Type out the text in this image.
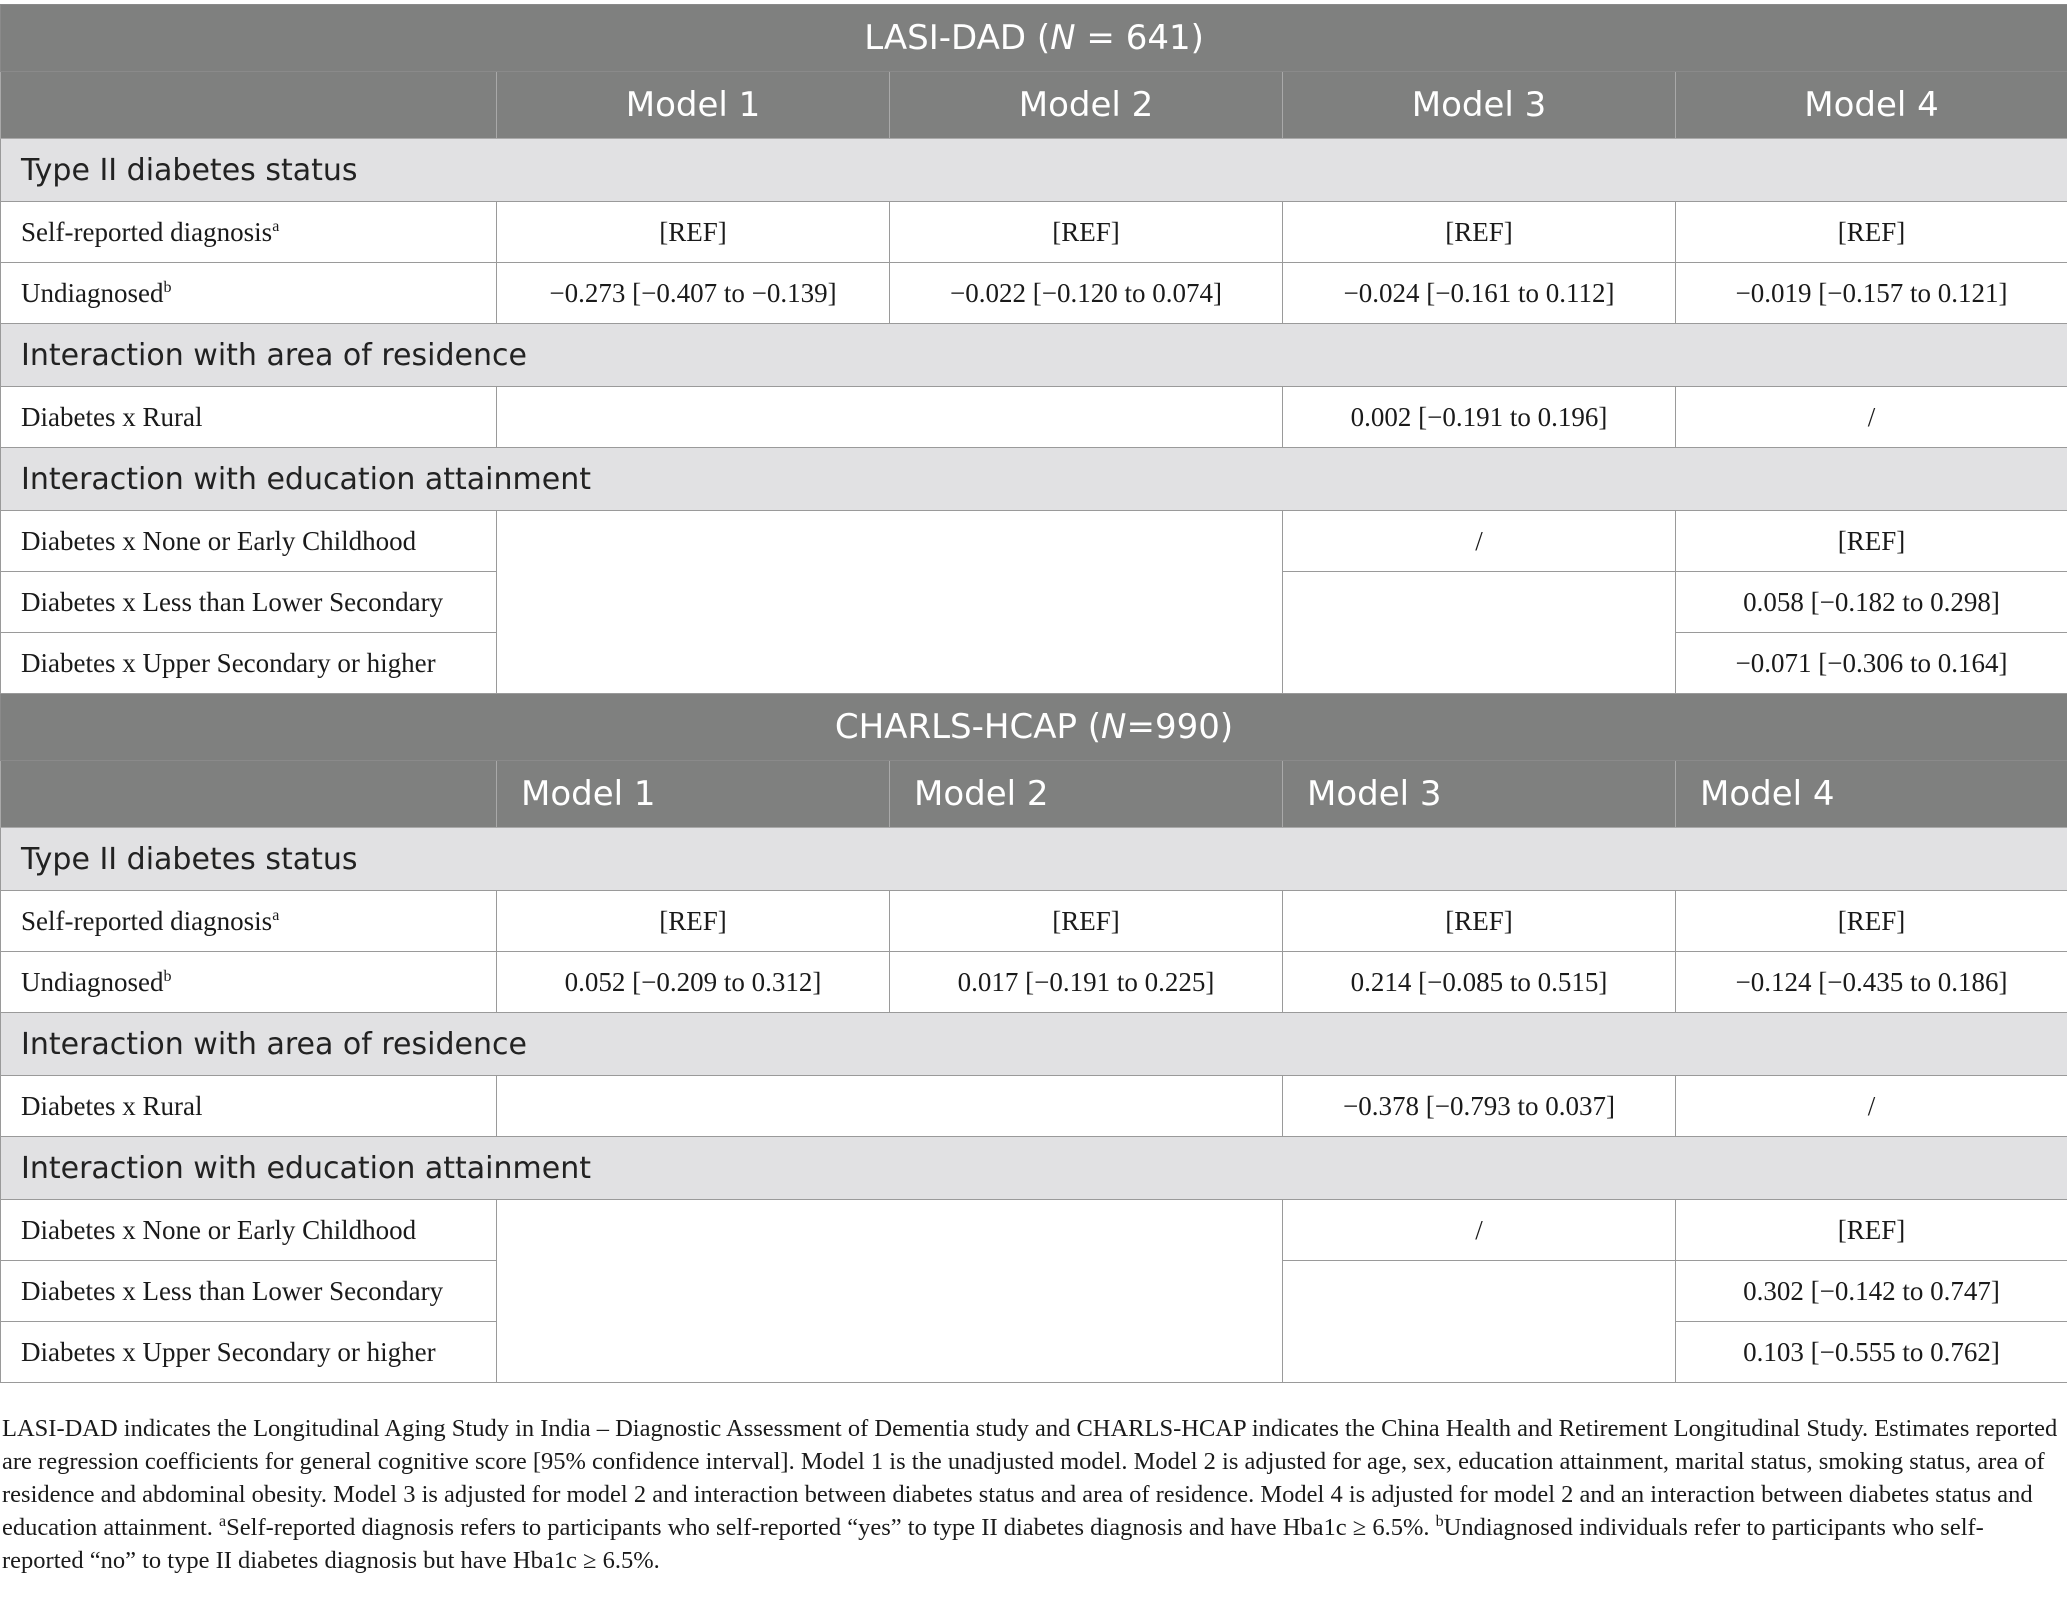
LASI-DAD (N = 641)				
	Model 1	Model 2	Model 3	Model 4
Type II diabetes status				
Self-reported diagnosis$^a$	[REF]	[REF]	[REF]	[REF]
Undiagnosed$^b$	−0.273 [−0.407 to −0.139]	−0.022 [−0.120 to 0.074]	−0.024 [−0.161 to 0.112]	−0.019 [−0.157 to 0.121]
Interaction with area of residence				
Diabetes x Rural			0.002 [−0.191 to 0.196]	/
Interaction with education attainment				
Diabetes x None or Early Childhood			/	[REF]
Diabetes x Less than Lower Secondary				0.058 [−0.182 to 0.298]
Diabetes x Upper Secondary or higher				−0.071 [−0.306 to 0.164]
CHARLS-HCAP (N=990)				
	Model 1	Model 2	Model 3	Model 4
Type II diabetes status				
Self-reported diagnosis$^a$	[REF]	[REF]	[REF]	[REF]
Undiagnosed$^b$	0.052 [−0.209 to 0.312]	0.017 [−0.191 to 0.225]	0.214 [−0.085 to 0.515]	−0.124 [−0.435 to 0.186]
Interaction with area of residence				
Diabetes x Rural			−0.378 [−0.793 to 0.037]	/
Interaction with education attainment				
Diabetes x None or Early Childhood			/	[REF]
Diabetes x Less than Lower Secondary				0.302 [−0.142 to 0.747]
Diabetes x Upper Secondary or higher				0.103 [−0.555 to 0.762]

LASI-DAD indicates the Longitudinal Aging Study in India – Diagnostic Assessment of Dementia study and CHARLS-HCAP indicates the China Health and Retirement Longitudinal Study. Estimates reported are regression coefficients for general cognitive score [95% confidence interval]. Model 1 is the unadjusted model. Model 2 is adjusted for age, sex, education attainment, marital status, smoking status, area of residence and abdominal obesity. Model 3 is adjusted for model 2 and interaction between diabetes status and area of residence. Model 4 is adjusted for model 2 and an interaction between diabetes status and education attainment. $^a$Self-reported diagnosis refers to participants who self-reported “yes” to type II diabetes diagnosis and have Hba1c ≥ 6.5%. $^b$Undiagnosed individuals refer to participants who self-reported “no” to type II diabetes diagnosis but have Hba1c ≥ 6.5%.
